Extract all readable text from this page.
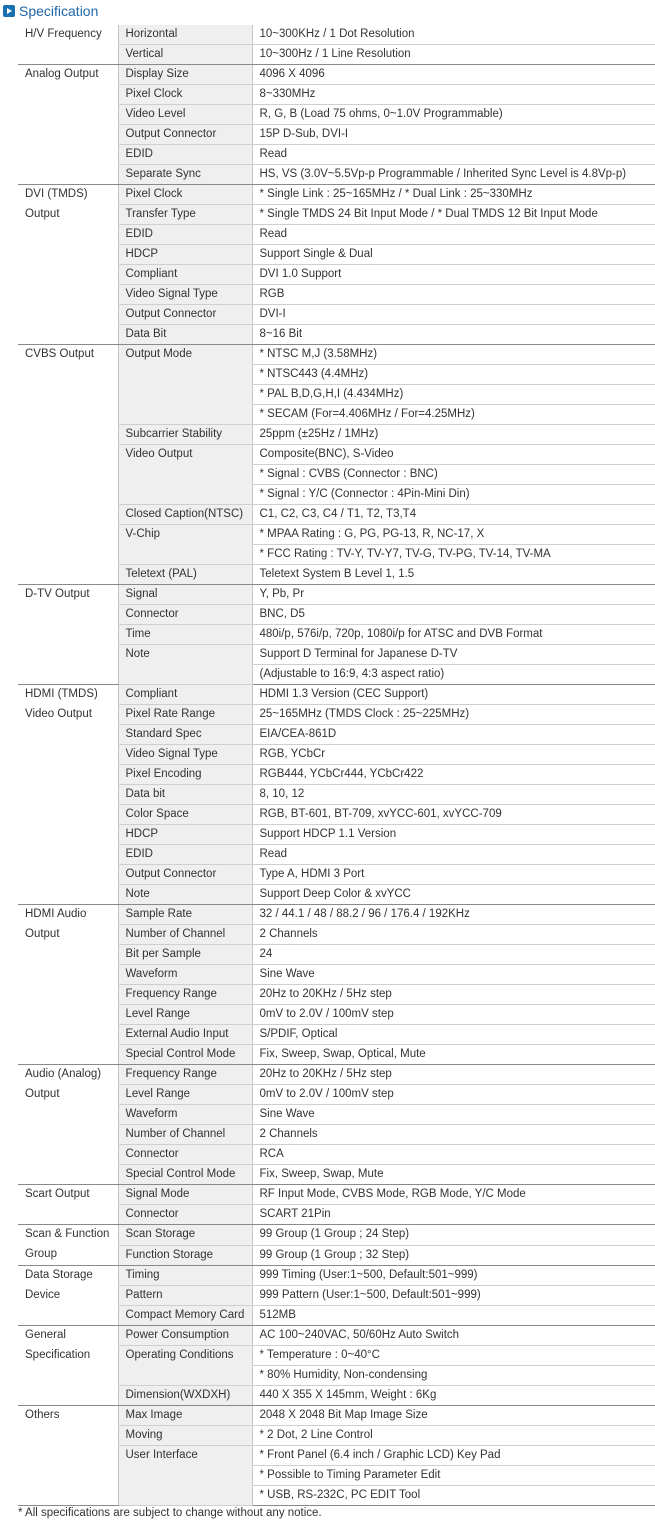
Specification
H/V Frequency	Horizontal	10~300KHz / 1 Dot Resolution
	Vertical	10~300Hz / 1 Line Resolution

Analog Output	Display Size	4096 X 4096
	Pixel Clock	8~330MHz
	Video Level	R, G, B (Load 75 ohms, 0~1.0V Programmable)
	Output Connector	15P D-Sub, DVI-I
	EDID	Read
	Separate Sync	HS, VS (3.0V~5.5Vp-p Programmable / Inherited Sync Level is 4.8Vp-p)

DVI (TMDS)
Output	Pixel Clock	* Single Link : 25~165MHz / * Dual Link : 25~330MHz
	Transfer Type	* Single TMDS 24 Bit Input Mode / * Dual TMDS 12 Bit Input Mode
	EDID	Read
	HDCP	Support Single & Dual
	Compliant	DVI 1.0 Support
	Video Signal Type	RGB
	Output Connector	DVI-I
	Data Bit	8~16 Bit

CVBS Output	Output Mode	* NTSC M,J (3.58MHz)
		* NTSC443 (4.4MHz)
		* PAL B,D,G,H,I (4.434MHz)
		* SECAM (For=4.406MHz / For=4.25MHz)
	Subcarrier Stability	25ppm (±25Hz / 1MHz)
	Video Output	Composite(BNC), S-Video
		* Signal : CVBS (Connector : BNC)
		* Signal : Y/C (Connector : 4Pin-Mini Din)
	Closed Caption(NTSC)	C1, C2, C3, C4 / T1, T2, T3,T4
	V-Chip	* MPAA Rating : G, PG, PG-13, R, NC-17, X
		* FCC Rating : TV-Y, TV-Y7, TV-G, TV-PG, TV-14, TV-MA
	Teletext (PAL)	Teletext System B Level 1, 1.5

D-TV Output	Signal	Y, Pb, Pr
	Connector	BNC, D5
	Time	480i/p, 576i/p, 720p, 1080i/p for ATSC and DVB Format
	Note	Support D Terminal for Japanese D-TV
		(Adjustable to 16:9, 4:3 aspect ratio)

HDMI (TMDS)
Video Output	Compliant	HDMI 1.3 Version (CEC Support)
	Pixel Rate Range	25~165MHz (TMDS Clock : 25~225MHz)
	Standard Spec	EIA/CEA-861D
	Video Signal Type	RGB, YCbCr
	Pixel Encoding	RGB444, YCbCr444, YCbCr422
	Data bit	8, 10, 12
	Color Space	RGB, BT-601, BT-709, xvYCC-601, xvYCC-709
	HDCP	Support HDCP 1.1 Version
	EDID	Read
	Output Connector	Type A, HDMI 3 Port
	Note	Support Deep Color & xvYCC

HDMI Audio
Output	Sample Rate	32 / 44.1 / 48 / 88.2 / 96 / 176.4 / 192KHz
	Number of Channel	2 Channels
	Bit per Sample	24
	Waveform	Sine Wave
	Frequency Range	20Hz to 20KHz / 5Hz step
	Level Range	0mV to 2.0V / 100mV step
	External Audio Input	S/PDIF, Optical
	Special Control Mode	Fix, Sweep, Swap, Optical, Mute

Audio (Analog)
Output	Frequency Range	20Hz to 20KHz / 5Hz step
	Level Range	0mV to 2.0V / 100mV step
	Waveform	Sine Wave
	Number of Channel	2 Channels
	Connector	RCA
	Special Control Mode	Fix, Sweep, Swap, Mute

Scart Output	Signal Mode	RF Input Mode, CVBS Mode, RGB Mode, Y/C Mode
	Connector	SCART 21Pin

Scan & Function
Group	Scan Storage	99 Group (1 Group ; 24 Step)
	Function Storage	99 Group (1 Group ; 32 Step)

Data Storage
Device	Timing	999 Timing (User:1~500, Default:501~999)
	Pattern	999 Pattern (User:1~500, Default:501~999)
	Compact Memory Card	512MB

General
Specification	Power Consumption	AC 100~240VAC, 50/60Hz Auto Switch
	Operating Conditions	* Temperature : 0~40°C
		* 80% Humidity, Non-condensing
	Dimension(WXDXH)	440 X 355 X 145mm, Weight : 6Kg

Others	Max Image	2048 X 2048 Bit Map Image Size
	Moving	* 2 Dot, 2 Line Control
	User Interface	* Front Panel (6.4 inch / Graphic LCD) Key Pad
		* Possible to Timing Parameter Edit
		* USB, RS-232C, PC EDIT Tool
* All specifications are subject to change without any notice.
